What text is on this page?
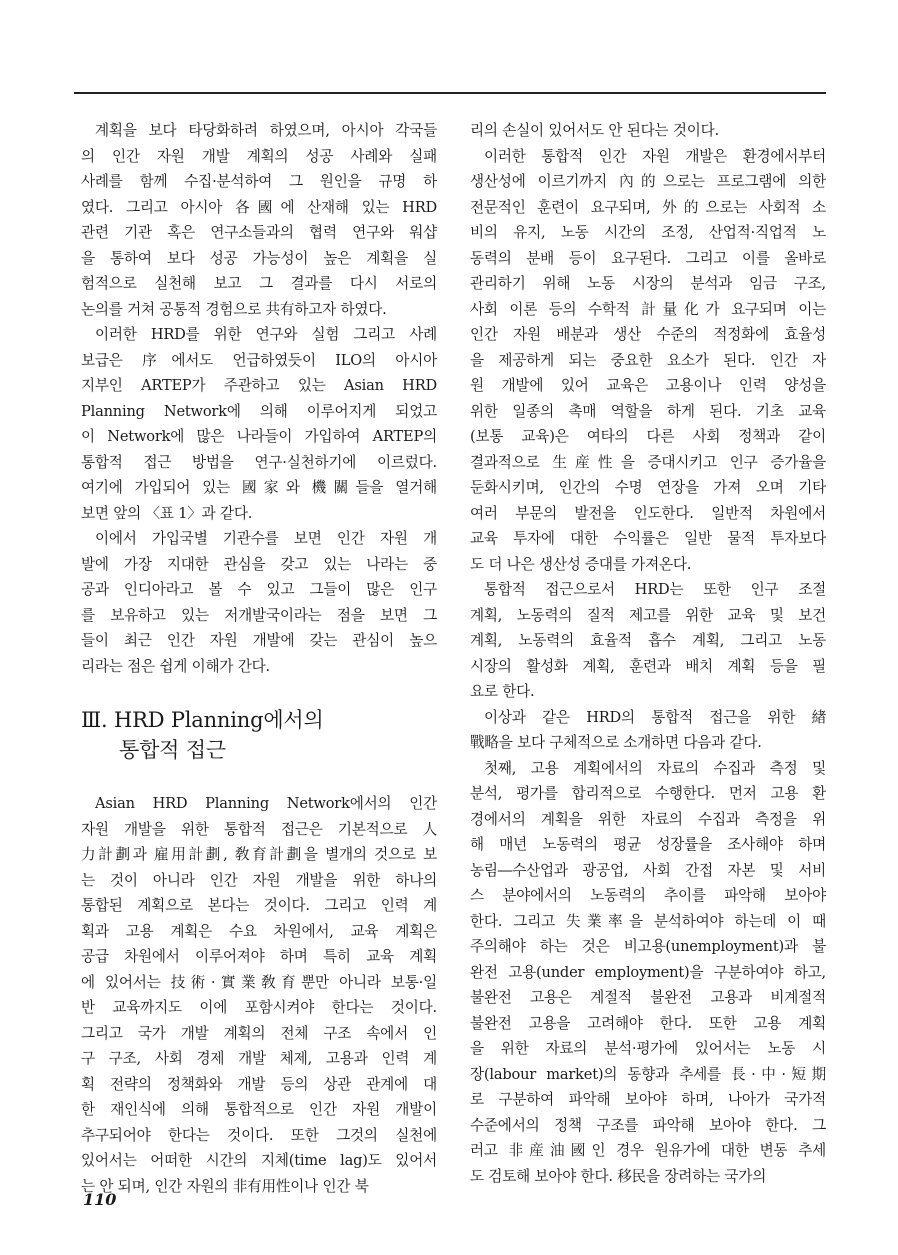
계획을 보다 타당화하려 하였으며, 아시아 각국들
의 인간 자원 개발 계획의 성공 사례와 실패
사례를 함께 수집·분석하여 그 원인을 규명 하
였다. 그리고 아시아 各國에 산재해 있는 HRD
관련 기관 혹은 연구소들과의 협력 연구와 워샵
을 통하여 보다 성공 가능성이 높은 계획을 실
험적으로 실천해 보고 그 결과를 다시 서로의
논의를 거쳐 공통적 경험으로 共有하고자 하였다.
이러한 HRD를 위한 연구와 실험 그리고 사례
보급은 序에서도 언급하였듯이 ILO의 아시아
지부인 ARTEP가 주관하고 있는 Asian HRD
Planning Network에 의해 이루어지게 되었고
이 Network에 많은 나라들이 가입하여 ARTEP의
통합적 접근 방법을 연구·실천하기에 이르렀다.
여기에 가입되어 있는 國家와 機關들을 열거해
보면 앞의 〈표 1〉과 같다.
이에서 가입국별 기관수를 보면 인간 자원 개
발에 가장 지대한 관심을 갖고 있는 나라는 중
공과 인디아라고 볼 수 있고 그들이 많은 인구
를 보유하고 있는 저개발국이라는 점을 보면 그
들이 최근 인간 자원 개발에 갖는 관심이 높으
리라는 점은 쉽게 이해가 간다.
Ⅲ. HRD Planning에서의
통합적 접근
Asian HRD Planning Network에서의 인간
자원 개발을 위한 통합적 접근은 기본적으로 人
力計劃과 雇用計劃, 敎育計劃을 별개의 것으로 보
는 것이 아니라 인간 자원 개발을 위한 하나의
통합된 계획으로 본다는 것이다. 그리고 인력 계
획과 고용 계획은 수요 차원에서, 교육 계획은
공급 차원에서 이루어져야 하며 특히 교육 계획
에 있어서는 技術·實業敎育뿐만 아니라 보통·일
반 교육까지도 이에 포함시켜야 한다는 것이다.
그리고 국가 개발 계획의 전체 구조 속에서 인
구 구조, 사회 경제 개발 체제, 고용과 인력 계
획 전략의 정책화와 개발 등의 상관 관계에 대
한 재인식에 의해 통합적으로 인간 자원 개발이
추구되어야 한다는 것이다. 또한 그것의 실천에
있어서는 어떠한 시간의 지체(time lag)도 있어서
는 안 되며, 인간 자원의 非有用性이나 인간 북
리의 손실이 있어서도 안 된다는 것이다.
이러한 통합적 인간 자원 개발은 환경에서부터
생산성에 이르기까지 內的으로는 프로그램에 의한
전문적인 훈련이 요구되며, 外的으로는 사회적 소
비의 유지, 노동 시간의 조정, 산업적·직업적 노
동력의 분배 등이 요구된다. 그리고 이를 올바로
관리하기 위해 노동 시장의 분석과 임금 구조,
사회 이론 등의 수학적 計量化가 요구되며 이는
인간 자원 배분과 생산 수준의 적정화에 효율성
을 제공하게 되는 중요한 요소가 된다. 인간 자
원 개발에 있어 교육은 고용이나 인력 양성을
위한 일종의 촉매 역할을 하게 된다. 기초 교육
(보통 교육)은 여타의 다른 사회 정책과 같이
결과적으로 生産性을 증대시키고 인구 증가율을
둔화시키며, 인간의 수명 연장을 가져 오며 기타
여러 부문의 발전을 인도한다. 일반적 차원에서
교육 투자에 대한 수익률은 일반 물적 투자보다
도 더 나은 생산성 증대를 가져온다.
통합적 접근으로서 HRD는 또한 인구 조절
계획, 노동력의 질적 제고를 위한 교육 및 보건
계획, 노동력의 효율적 흡수 계획, 그리고 노동
시장의 활성화 계획, 훈련과 배치 계획 등을 필
요로 한다.
이상과 같은 HRD의 통합적 접근을 위한 緖
戰略을 보다 구체적으로 소개하면 다음과 같다.
첫째, 고용 계획에서의 자료의 수집과 측정 및
분석, 평가를 합리적으로 수행한다. 먼저 고용 환
경에서의 계획을 위한 자료의 수집과 측정을 위
해 매년 노동력의 평균 성장률을 조사해야 하며
농림―수산업과 광공업, 사회 간접 자본 및 서비
스 분야에서의 노동력의 추이를 파악해 보아야
한다. 그리고 失業率을 분석하여야 하는데 이 때
주의해야 하는 것은 비고용(unemployment)과 불
완전 고용(under employment)을 구분하여야 하고,
불완전 고용은 계절적 불완전 고용과 비계절적
불완전 고용을 고려해야 한다. 또한 고용 계획
을 위한 자료의 분석·평가에 있어서는 노동 시
장(labour market)의 동향과 추세를 長·中·短期
로 구분하여 파악해 보아야 하며, 나아가 국가적
수준에서의 정책 구조를 파악해 보아야 한다. 그
러고 非産油國인 경우 원유가에 대한 변동 추세
도 검토해 보아야 한다. 移民을 장려하는 국가의
110
